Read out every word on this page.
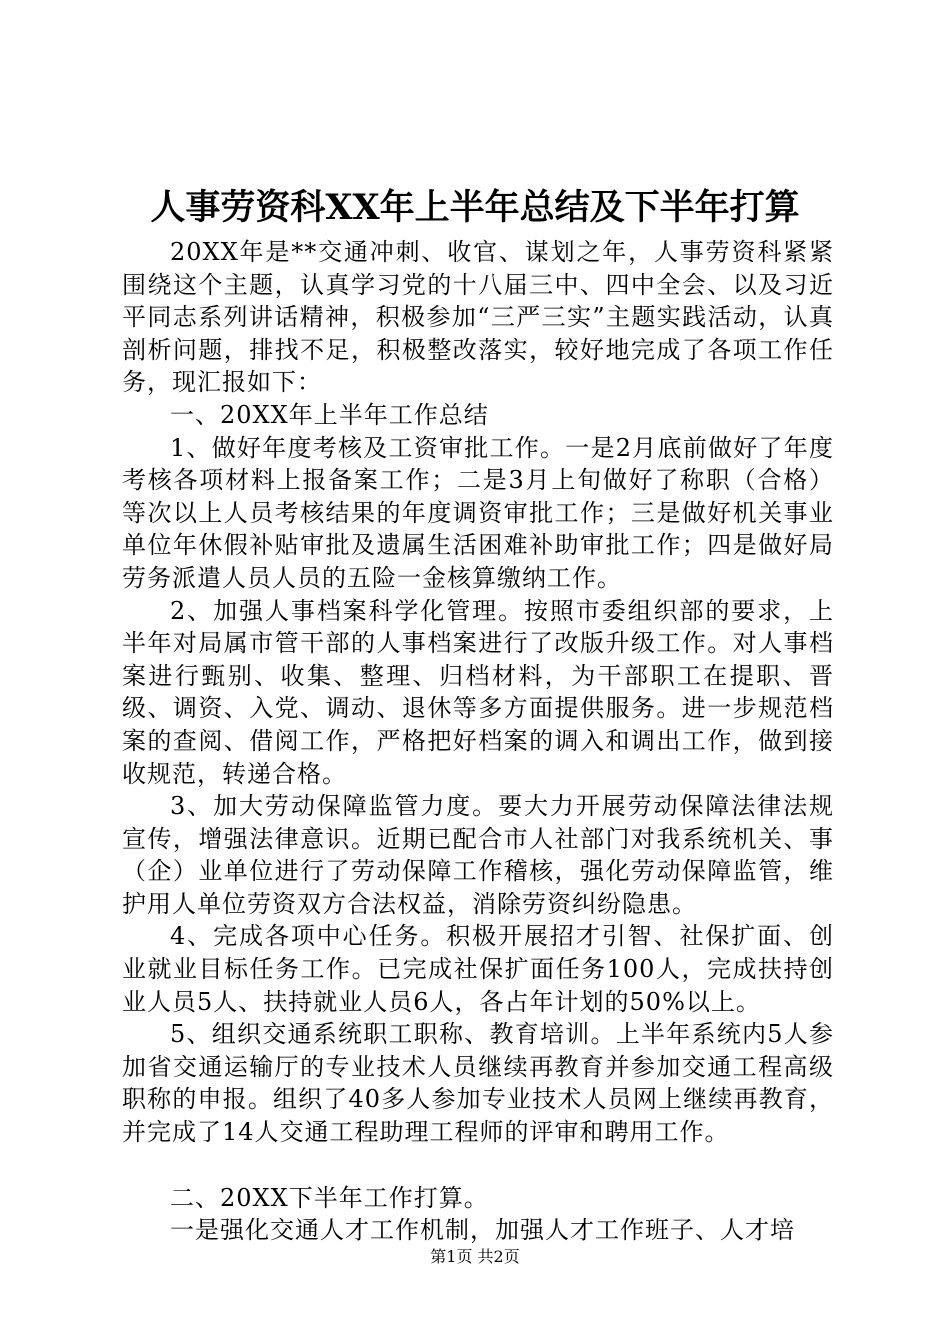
人事劳资科XX年上半年总结及下半年打算

20XX年是**交通冲刺、收官、谋划之年，人事劳资科紧紧围绕这个主题，认真学习党的十八届三中、四中全会、以及习近平同志系列讲话精神，积极参加“三严三实”主题实践活动，认真剖析问题，排找不足，积极整改落实，较好地完成了各项工作任务，现汇报如下：

一、20XX年上半年工作总结

1、做好年度考核及工资审批工作。一是2月底前做好了年度考核各项材料上报备案工作；二是3月上旬做好了称职（合格）等次以上人员考核结果的年度调资审批工作；三是做好机关事业单位年休假补贴审批及遗属生活困难补助审批工作；四是做好局劳务派遣人员人员的五险一金核算缴纳工作。

2、加强人事档案科学化管理。按照市委组织部的要求，上半年对局属市管干部的人事档案进行了改版升级工作。对人事档案进行甄别、收集、整理、归档材料，为干部职工在提职、晋级、调资、入党、调动、退休等多方面提供服务。进一步规范档案的查阅、借阅工作，严格把好档案的调入和调出工作，做到接收规范，转递合格。

3、加大劳动保障监管力度。要大力开展劳动保障法律法规宣传，增强法律意识。近期已配合市人社部门对我系统机关、事（企）业单位进行了劳动保障工作稽核，强化劳动保障监管，维护用人单位劳资双方合法权益，消除劳资纠纷隐患。

4、完成各项中心任务。积极开展招才引智、社保扩面、创业就业目标任务工作。已完成社保扩面任务100人，完成扶持创业人员5人、扶持就业人员6人，各占年计划的50%以上。

5、组织交通系统职工职称、教育培训。上半年系统内5人参加省交通运输厅的专业技术人员继续再教育并参加交通工程高级职称的申报。组织了40多人参加专业技术人员网上继续再教育，并完成了14人交通工程助理工程师的评审和聘用工作。

二、20XX下半年工作打算。

一是强化交通人才工作机制，加强人才工作班子、人才培

第1页 共2页
